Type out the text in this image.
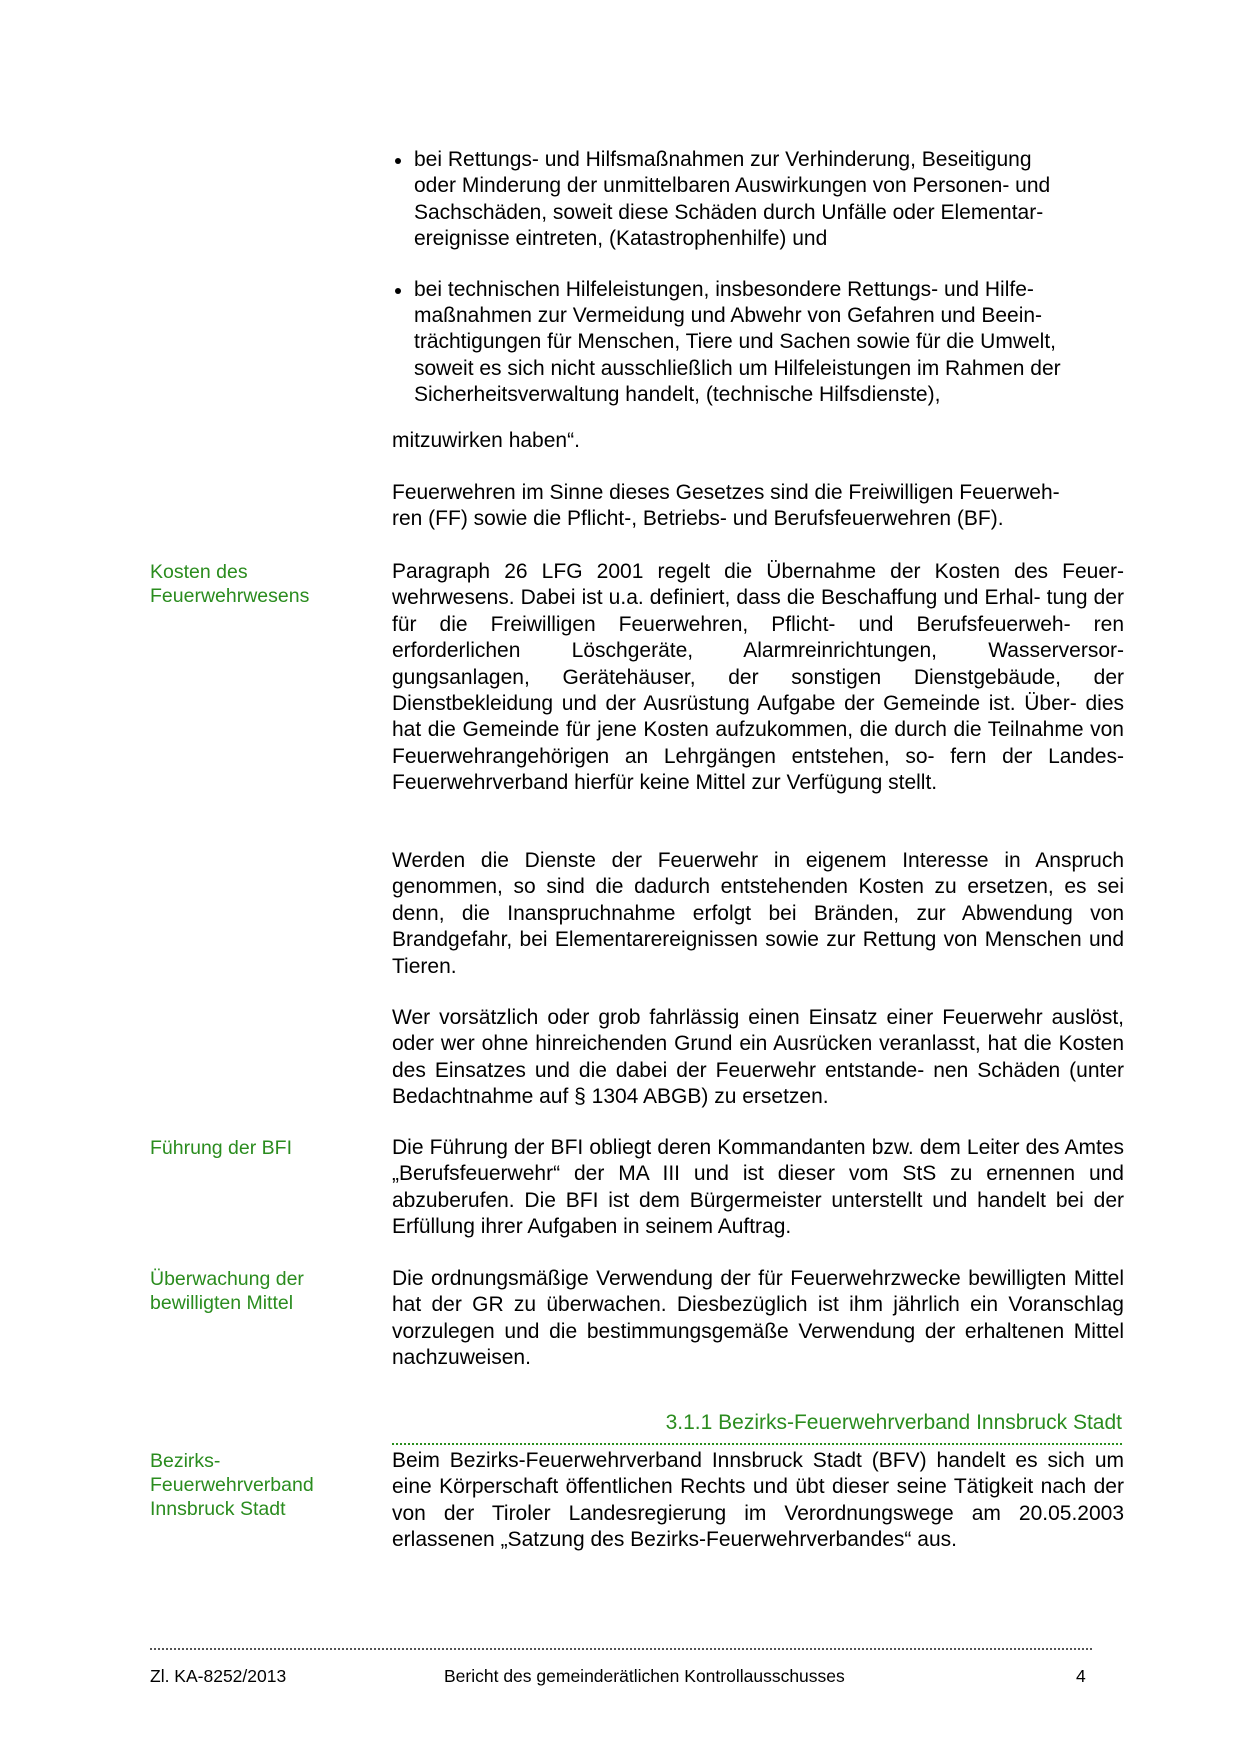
bei Rettungs- und Hilfsmaßnahmen zur Verhinderung, Beseitigung
oder Minderung der unmittelbaren Auswirkungen von Personen- und
Sachschäden, soweit diese Schäden durch Unfälle oder Elementar-
ereignisse eintreten, (Katastrophenhilfe) und
bei technischen Hilfeleistungen, insbesondere Rettungs- und Hilfe-
maßnahmen zur Vermeidung und Abwehr von Gefahren und Beein-
trächtigungen für Menschen, Tiere und Sachen sowie für die Umwelt,
soweit es sich nicht ausschließlich um Hilfeleistungen im Rahmen der
Sicherheitsverwaltung handelt, (technische Hilfsdienste),

mitzuwirken haben“.

Feuerwehren im Sinne dieses Gesetzes sind die Freiwilligen Feuerweh-
ren (FF) sowie die Pflicht-, Betriebs- und Berufsfeuerwehren (BF).

Kosten des
Feuerwehrwesens

Paragraph 26 LFG 2001 regelt die Übernahme der Kosten des Feuer- wehrwesens. Dabei ist u.a. definiert, dass die Beschaffung und Erhal- tung der für die Freiwilligen Feuerwehren, Pflicht- und Berufsfeuerweh- ren erforderlichen Löschgeräte, Alarmreinrichtungen, Wasserversor- gungsanlagen, Gerätehäuser, der sonstigen Dienstgebäude, der Dienstbekleidung und der Ausrüstung Aufgabe der Gemeinde ist. Über- dies hat die Gemeinde für jene Kosten aufzukommen, die durch die Teilnahme von Feuerwehrangehörigen an Lehrgängen entstehen, so- fern der Landes-Feuerwehrverband hierfür keine Mittel zur Verfügung stellt.

Werden die Dienste der Feuerwehr in eigenem Interesse in Anspruch genommen, so sind die dadurch entstehenden Kosten zu ersetzen, es sei denn, die Inanspruchnahme erfolgt bei Bränden, zur Abwendung von Brandgefahr, bei Elementarereignissen sowie zur Rettung von Menschen und Tieren.

Wer vorsätzlich oder grob fahrlässig einen Einsatz einer Feuerwehr auslöst, oder wer ohne hinreichenden Grund ein Ausrücken veranlasst, hat die Kosten des Einsatzes und die dabei der Feuerwehr entstande- nen Schäden (unter Bedachtnahme auf § 1304 ABGB) zu ersetzen.

Führung der BFI	Die Führung der BFI obliegt deren Kommandanten bzw. dem Leiter des Amtes „Berufsfeuerwehr“ der MA III und ist dieser vom StS zu ernennen und abzuberufen. Die BFI ist dem Bürgermeister unterstellt und handelt bei der Erfüllung ihrer Aufgaben in seinem Auftrag.

Überwachung der
bewilligten Mittel

Die ordnungsmäßige Verwendung der für Feuerwehrzwecke bewilligten Mittel hat der GR zu überwachen. Diesbezüglich ist ihm jährlich ein Voranschlag vorzulegen und die bestimmungsgemäße Verwendung der erhaltenen Mittel nachzuweisen.

3.1.1 Bezirks-Feuerwehrverband Innsbruck Stadt
Bezirks-
Feuerwehrverband
Innsbruck Stadt

Beim Bezirks-Feuerwehrverband Innsbruck Stadt (BFV) handelt es sich um eine Körperschaft öffentlichen Rechts und übt dieser seine Tätigkeit nach der von der Tiroler Landesregierung im Verordnungswege am 20.05.2003 erlassenen „Satzung des Bezirks-Feuerwehrverbandes“ aus.

Zl. KA-8252/2013	Bericht des gemeinderätlichen Kontrollausschusses	4
